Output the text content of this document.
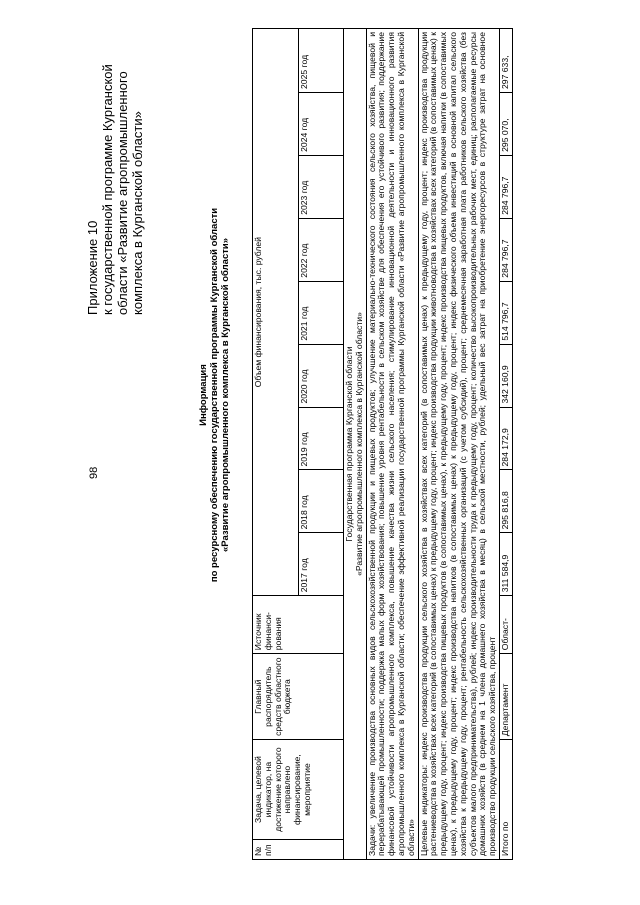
98
Приложение 10 к государственной программе Курганской области «Развитие агропромышленного комплекса в Курганской области»
Информация по ресурсному обеспечению государственной программы Курганской области «Развитие агропромышленного комплекса в Курганской области»
№ п/п	Задача, целевой индикатор, на достижение которого направлено финансирование, мероприятие	Главный распорядитель средств областного бюджета	Источник финанси-рования	Объем финансирования, тыс. рублей								
				2017 год	2018 год	2019 год	2020 год	2021 год	2022 год	2023 год	2024 год	2025 год

Государственная программа Курганской области «Развитие агропромышленного комплекса в Курганской области»												

Задачи: увеличение производства основных видов сельскохозяйственной продукции и пищевых продуктов; улучшение материально-технического состояния сельского хозяйства, пищевой и перерабатывающей промышленности; поддержка малых форм хозяйствования; повышение уровня рентабельности в сельском хозяйстве для обеспечения его устойчивого развития; поддержание финансовой устойчивости агропромышленного комплекса, повышение качества жизни сельского населения; стимулирование инновационной деятельности и инновационного развития агропромышленного комплекса в Курганской области; обеспечение эффективной реализации государственной программы Курганской области «Развитие агропромышленного комплекса в Курганской области»												
Целевые индикаторы: индекс производства продукции сельского хозяйства в хозяйствах всех категорий (в сопоставимых ценах) к предыдущему году, процент; индекс производства продукции растениеводства в хозяйствах всех категорий (в сопоставимых ценах) к предыдущему году, процент; индекс производства продукции животноводства в хозяйствах всех категорий (в сопоставимых ценах) к предыдущему году, процент; индекс производства пищевых продуктов (в сопоставимых ценах), к предыдущему году, процент; индекс производства пищевых продуктов, включая напитки (в сопоставимых ценах), к предыдущему году, процент; индекс производства напитков (в сопоставимых ценах) к предыдущему году, процент; индекс физического объема инвестиций в основной капитал сельского хозяйства к предыдущему году, процент; рентабельность сельскохозяйственных организаций (с учетом субсидий), процент; среднемесячная заработная плата работников сельского хозяйства (без субъектов малого предпринимательства), рублей; индекс производительности труда к предыдущему году, процент; количество высокопроизводительных рабочих мест, единиц; располагаемые ресурсы домашних хозяйств (в среднем на 1 члена домашнего хозяйства в месяц) в сельской местности, рублей; удельный вес затрат на приобретение энергоресурсов в структуре затрат на основное производство продукции сельского хозяйства, процент												
Итого по		Департамент	Област-	311 584,9	295 816,8	284 172,9	342 160,9	514 796,7	284 796,7	284 796,7	295 070,	297 633,
